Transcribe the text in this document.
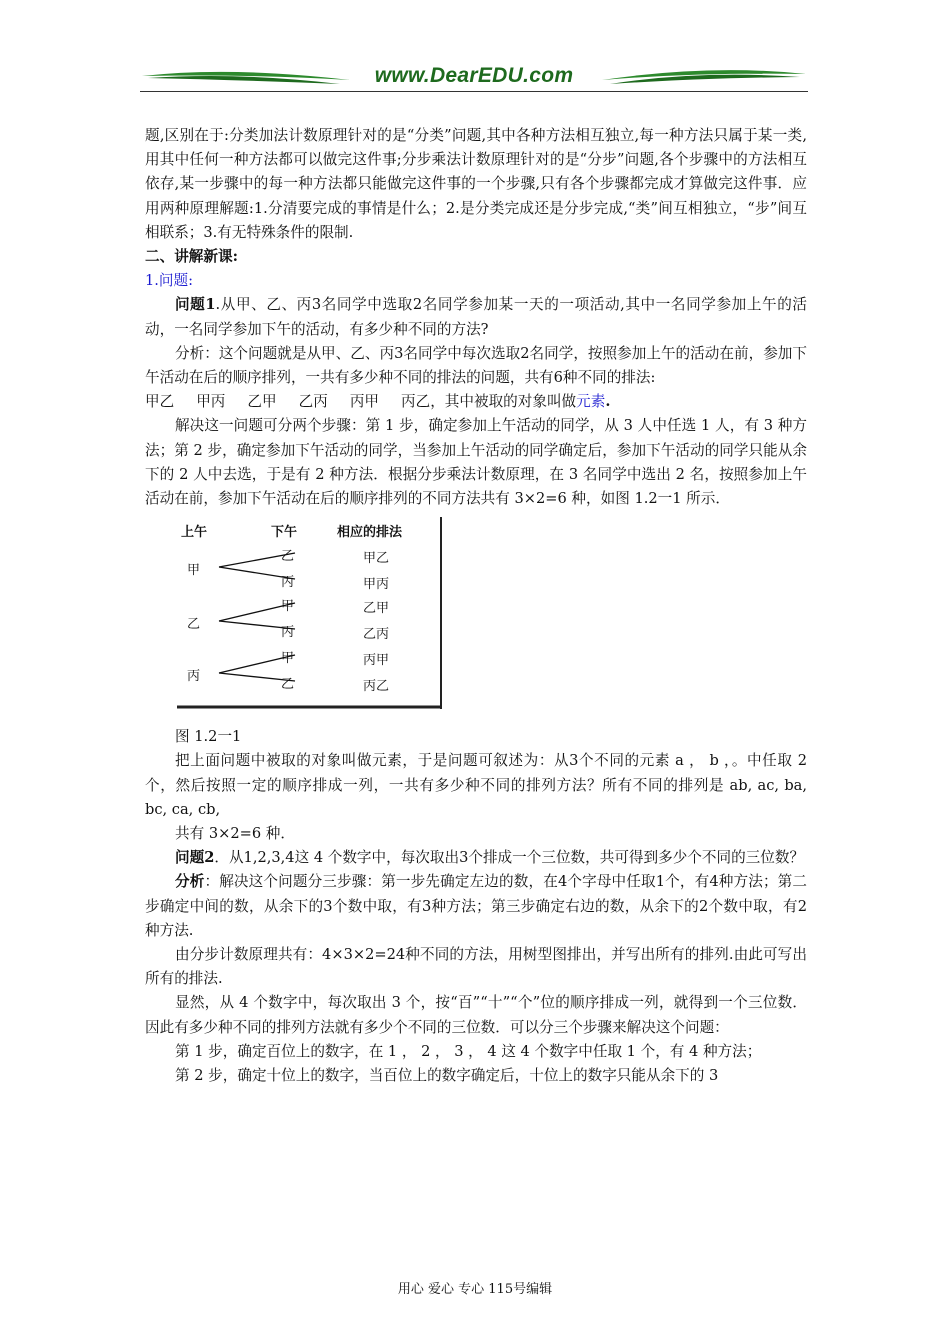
www.DearEDU.com

题,区别在于:分类加法计数原理针对的是“分类”问题,其中各种方法相互独立,每一种方法只属于某一类,用其中任何一种方法都可以做完这件事;分步乘法计数原理针对的是“分步”问题,各个步骤中的方法相互依存,某一步骤中的每一种方法都只能做完这件事的一个步骤,只有各个步骤都完成才算做完这件事．应用两种原理解题:1.分清要完成的事情是什么；2.是分类完成还是分步完成,“类”间互相独立，“步”间互相联系；3.有无特殊条件的限制.

二、讲解新课:

1.问题:

问题1.从甲、乙、丙3名同学中选取2名同学参加某一天的一项活动,其中一名同学参加上午的活动，一名同学参加下午的活动，有多少种不同的方法?

分析：这个问题就是从甲、乙、丙3名同学中每次选取2名同学，按照参加上午的活动在前，参加下午活动在后的顺序排列，一共有多少种不同的排法的问题，共有6种不同的排法:

甲乙 甲丙 乙甲 乙丙 丙甲 丙乙，其中被取的对象叫做元素.

解决这一问题可分两个步骤：第 1 步，确定参加上午活动的同学，从 3 人中任选 1 人，有 3 种方法；第 2 步，确定参加下午活动的同学，当参加上午活动的同学确定后，参加下午活动的同学只能从余下的 2 人中去选，于是有 2 种方法．根据分步乘法计数原理，在 3 名同学中选出 2 名，按照参加上午活动在前，参加下午活动在后的顺序排列的不同方法共有 3×2=6 种，如图 1.2一1 所示．

上午	下午	相应的排法
甲
乙
丙
乙
丙
甲
丙
甲
乙
甲乙
甲丙
乙甲
乙丙
丙甲
丙乙

图 1.2一1

把上面问题中被取的对象叫做元素，于是问题可叙述为：从3个不同的元素 a ， b ，。中任取 2 个，然后按照一定的顺序排成一列，一共有多少种不同的排列方法？所有不同的排列是 ab, ac, ba, bc, ca, cb,

共有 3×2=6 种．

问题2．从1,2,3,4这 4 个数字中，每次取出3个排成一个三位数，共可得到多少个不同的三位数？

分析：解决这个问题分三步骤：第一步先确定左边的数，在4个字母中任取1个，有4种方法；第二步确定中间的数，从余下的3个数中取，有3种方法；第三步确定右边的数，从余下的2个数中取，有2种方法.

由分步计数原理共有：4×3×2=24种不同的方法，用树型图排出，并写出所有的排列.由此可写出所有的排法.

显然，从 4 个数字中，每次取出 3 个，按“百”“十”“个”位的顺序排成一列，就得到一个三位数．因此有多少种不同的排列方法就有多少个不同的三位数．可以分三个步骤来解决这个问题：

第 1 步，确定百位上的数字，在 1 ， 2 ， 3 ， 4 这 4 个数字中任取 1 个，有 4 种方法；

第 2 步，确定十位上的数字，当百位上的数字确定后，十位上的数字只能从余下的 3

用心 爱心 专心 115号编辑
